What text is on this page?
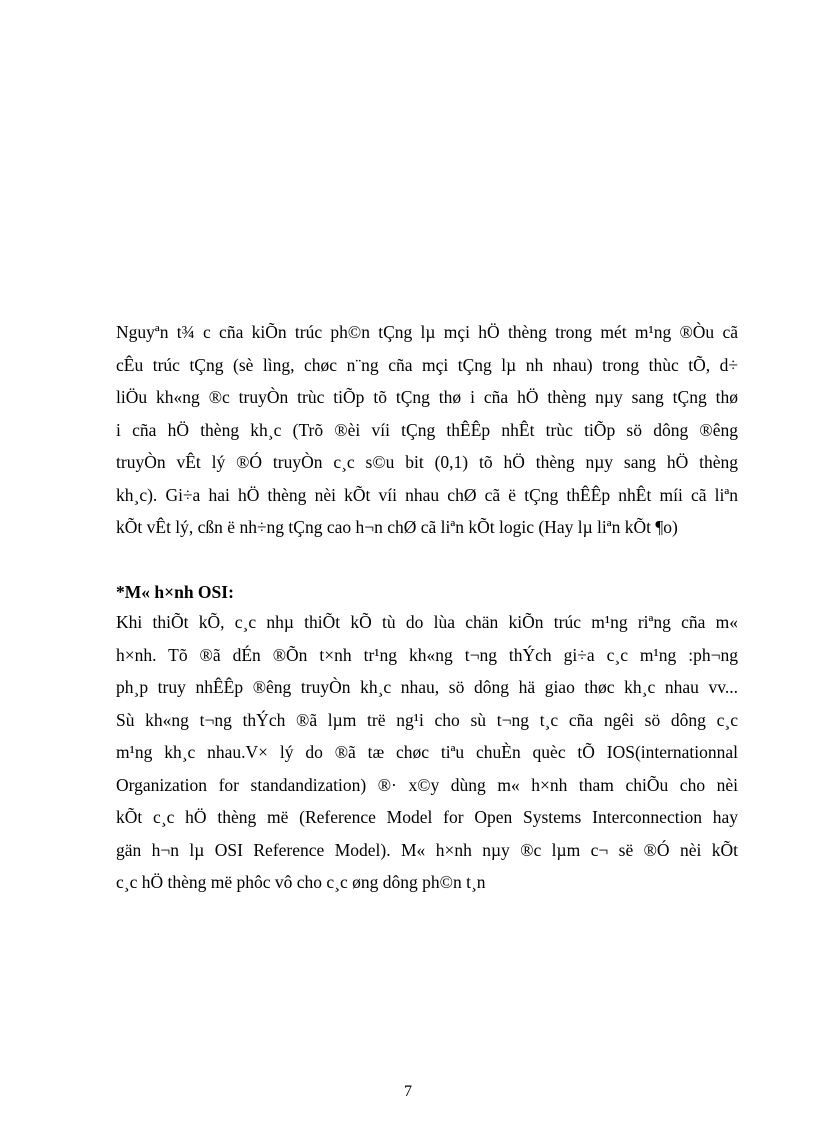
Nguyªn t¾ c cña kiÕn trúc ph©n tÇng lµ mçi hÖ thèng trong mét m¹ng ®Òu cã
cÊu trúc tÇng (sè lìng, chøc n¨ng cña mçi tÇng lµ nh nhau) trong thùc tÕ, d÷
liÖu kh«ng ®c truyÒn trùc tiÕp tõ tÇng thø i cña hÖ thèng nµy sang tÇng thø
i cña hÖ thèng kh¸c (Trõ ®èi víi tÇng thÊÊp nhÊt trùc tiÕp sö dông ®êng
truyÒn vÊt lý ®Ó truyÒn c¸c s©u bit (0,1) tõ hÖ thèng nµy sang hÖ thèng
kh¸c). Gi÷a hai hÖ thèng nèi kÕt víi nhau chØ cã ë tÇng thÊÊp nhÊt míi cã liªn
kÕt vÊt lý, cßn ë nh÷ng tÇng cao h¬n chØ cã liªn kÕt logic (Hay lµ liªn kÕt ¶o)
*M« h×nh OSI:
Khi thiÕt kÕ, c¸c nhµ thiÕt kÕ tù do lùa chän kiÕn trúc m¹ng riªng cña m«
h×nh. Tõ ®ã dÉn ®Õn t×nh tr¹ng kh«ng t¬ng thÝch gi÷a c¸c m¹ng :ph¬ng
ph¸p truy nhÊÊp ®êng truyÒn kh¸c nhau, sö dông hä giao thøc kh¸c nhau vv...
Sù kh«ng t¬ng thÝch ®ã lµm trë ng¹i cho sù t¬ng t¸c cña ngêi sö dông c¸c
m¹ng kh¸c nhau.V× lý do ®ã tæ chøc tiªu chuÈn quèc tÕ IOS(internationnal
Organization for standandization) ®· x©y dùng m« h×nh tham chiÕu cho nèi
kÕt c¸c hÖ thèng më (Reference Model for Open Systems Interconnection hay
gän h¬n lµ OSI Reference Model). M« h×nh nµy ®c lµm c¬ së ®Ó nèi kÕt
c¸c hÖ thèng më phôc vô cho c¸c øng dông ph©n t¸n
7
